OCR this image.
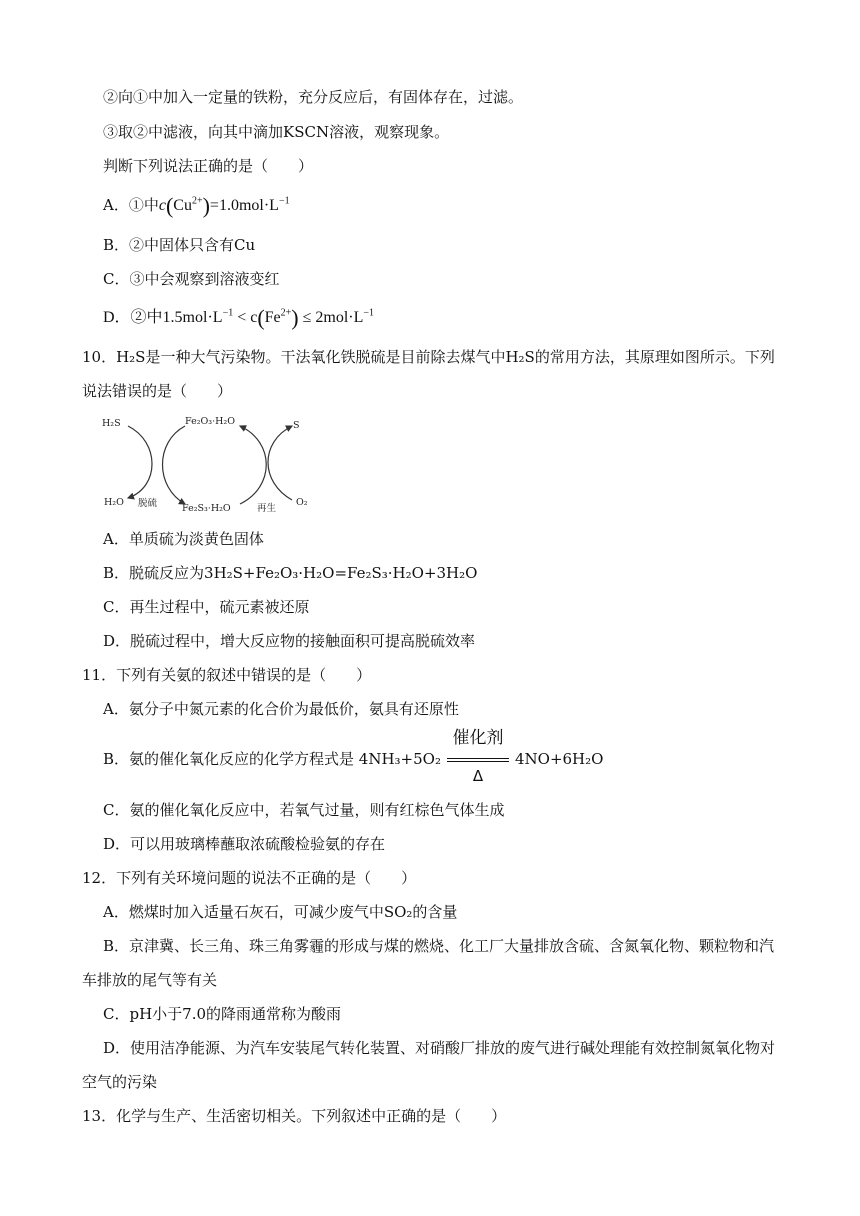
②向①中加入一定量的铁粉，充分反应后，有固体存在，过滤。
③取②中滤液，向其中滴加KSCN溶液，观察现象。
判断下列说法正确的是（　　）
A．①中$c(Cu^{2+})=1.0mol\cdot L^{-1}$
B．②中固体只含有Cu
C．③中会观察到溶液变红
D．②中$1.5mol\cdot L^{-1} < c(Fe^{2+}) \le 2mol\cdot L^{-1}$
10．H₂S是一种大气污染物。干法氧化铁脱硫是目前除去煤气中H₂S的常用方法，其原理如图所示。下列
说法错误的是（　　）
H₂S	Fe₂O₃·H₂O	S
H₂O 脱硫	Fe₂S₃·H₂O	再生
O₂
A．单质硫为淡黄色固体
B．脱硫反应为3H₂S+Fe₂O₃·H₂O=Fe₂S₃·H₂O+3H₂O
C．再生过程中，硫元素被还原
D．脱硫过程中，增大反应物的接触面积可提高脱硫效率
11．下列有关氨的叙述中错误的是（　　）
A．氨分子中氮元素的化合价为最低价，氨具有还原性
B．氨的催化氧化反应的化学方程式是 4NH₃+5O₂
催化剂
Δ
4NO+6H₂O
C．氨的催化氧化反应中，若氧气过量，则有红棕色气体生成
D．可以用玻璃棒蘸取浓硫酸检验氨的存在
12．下列有关环境问题的说法不正确的是（　　）
A．燃煤时加入适量石灰石，可减少废气中SO₂的含量
B．京津冀、长三角、珠三角雾霾的形成与煤的燃烧、化工厂大量排放含硫、含氮氧化物、颗粒物和汽
车排放的尾气等有关
C．pH小于7.0的降雨通常称为酸雨
D．使用洁净能源、为汽车安装尾气转化装置、对硝酸厂排放的废气进行碱处理能有效控制氮氧化物对
空气的污染
13．化学与生产、生活密切相关。下列叙述中正确的是（　　）
